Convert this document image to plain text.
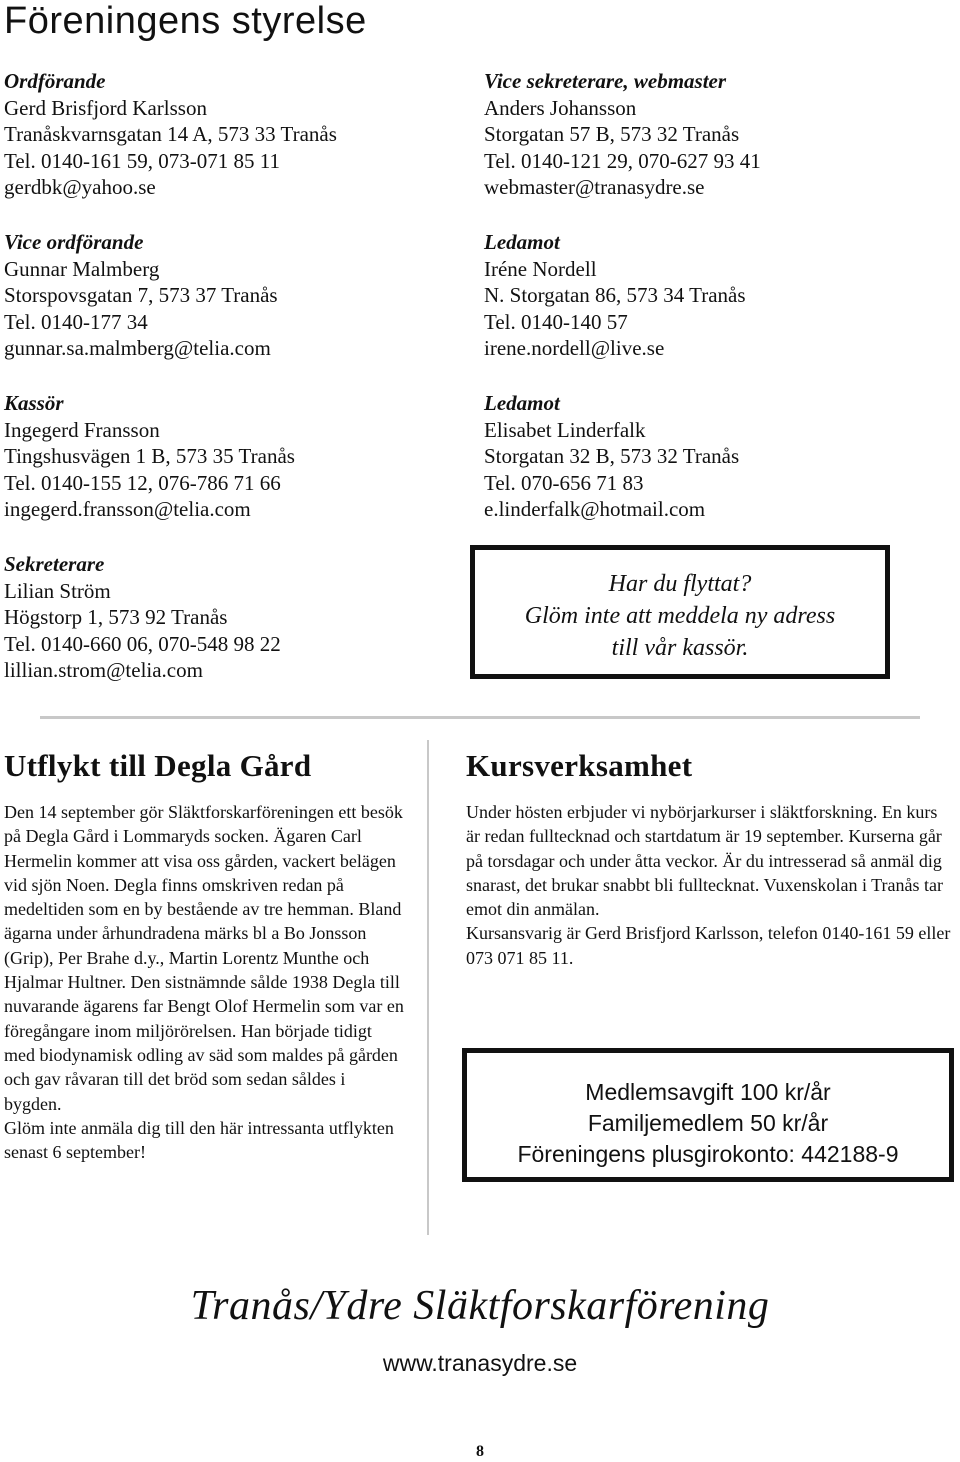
Föreningens styrelse
Ordförande
Gerd Brisfjord Karlsson
Tranåskvarnsgatan 14 A, 573 33 Tranås
Tel. 0140-161 59, 073-071 85 11
gerdbk@yahoo.se
Vice ordförande
Gunnar Malmberg
Storspovsgatan 7, 573 37 Tranås
Tel. 0140-177 34
gunnar.sa.malmberg@telia.com
Kassör
Ingegerd Fransson
Tingshusvägen 1 B, 573 35 Tranås
Tel. 0140-155 12, 076-786 71 66
ingegerd.fransson@telia.com
Sekreterare
Lilian Ström
Högstorp 1, 573 92 Tranås
Tel. 0140-660 06, 070-548 98 22
lillian.strom@telia.com
Vice sekreterare, webmaster
Anders Johansson
Storgatan 57 B, 573 32 Tranås
Tel. 0140-121 29, 070-627 93 41
webmaster@tranasydre.se
Ledamot
Iréne Nordell
N. Storgatan 86, 573 34 Tranås
Tel. 0140-140 57
irene.nordell@live.se
Ledamot
Elisabet Linderfalk
Storgatan 32 B, 573 32 Tranås
Tel. 070-656 71 83
e.linderfalk@hotmail.com
Har du flyttat?
Glöm inte att meddela ny adress
till vår kassör.
Utflykt till Degla Gård

Den 14 september gör Släktforskarföreningen ett besök på Degla Gård i Lommaryds socken. Ägaren Carl Hermelin kommer att visa oss gården, vackert belägen vid sjön Noen. Degla finns omskriven redan på medeltiden som en by bestående av tre hemman. Bland ägarna under århundradena märks bl a Bo Jonsson (Grip), Per Brahe d.y., Martin Lorentz Munthe och Hjalmar Hultner. Den sistnämnde sålde 1938 Degla till nuvarande ägarens far Bengt Olof Hermelin som var en föregångare inom miljörörelsen. Han började tidigt med biodynamisk odling av säd som maldes på gården och gav råvaran till det bröd som sedan såldes i bygden.

Glöm inte anmäla dig till den här intressanta utflykten senast 6 september!

Kursverksamhet

Under hösten erbjuder vi nybörjarkurser i släktforskning. En kurs är redan fulltecknad och startdatum är 19 september. Kurserna går på torsdagar och under åtta veckor. Är du intresserad så anmäl dig snarast, det brukar snabbt bli fulltecknat. Vuxenskolan i Tranås tar emot din anmälan.

Kursansvarig är Gerd Brisfjord Karlsson, telefon 0140-161 59 eller 073 071 85 11.

Medlemsavgift 100 kr/år
Familjemedlem 50 kr/år
Föreningens plusgirokonto: 442188-9
Tranås/Ydre Släktforskarförening
www.tranasydre.se
8
